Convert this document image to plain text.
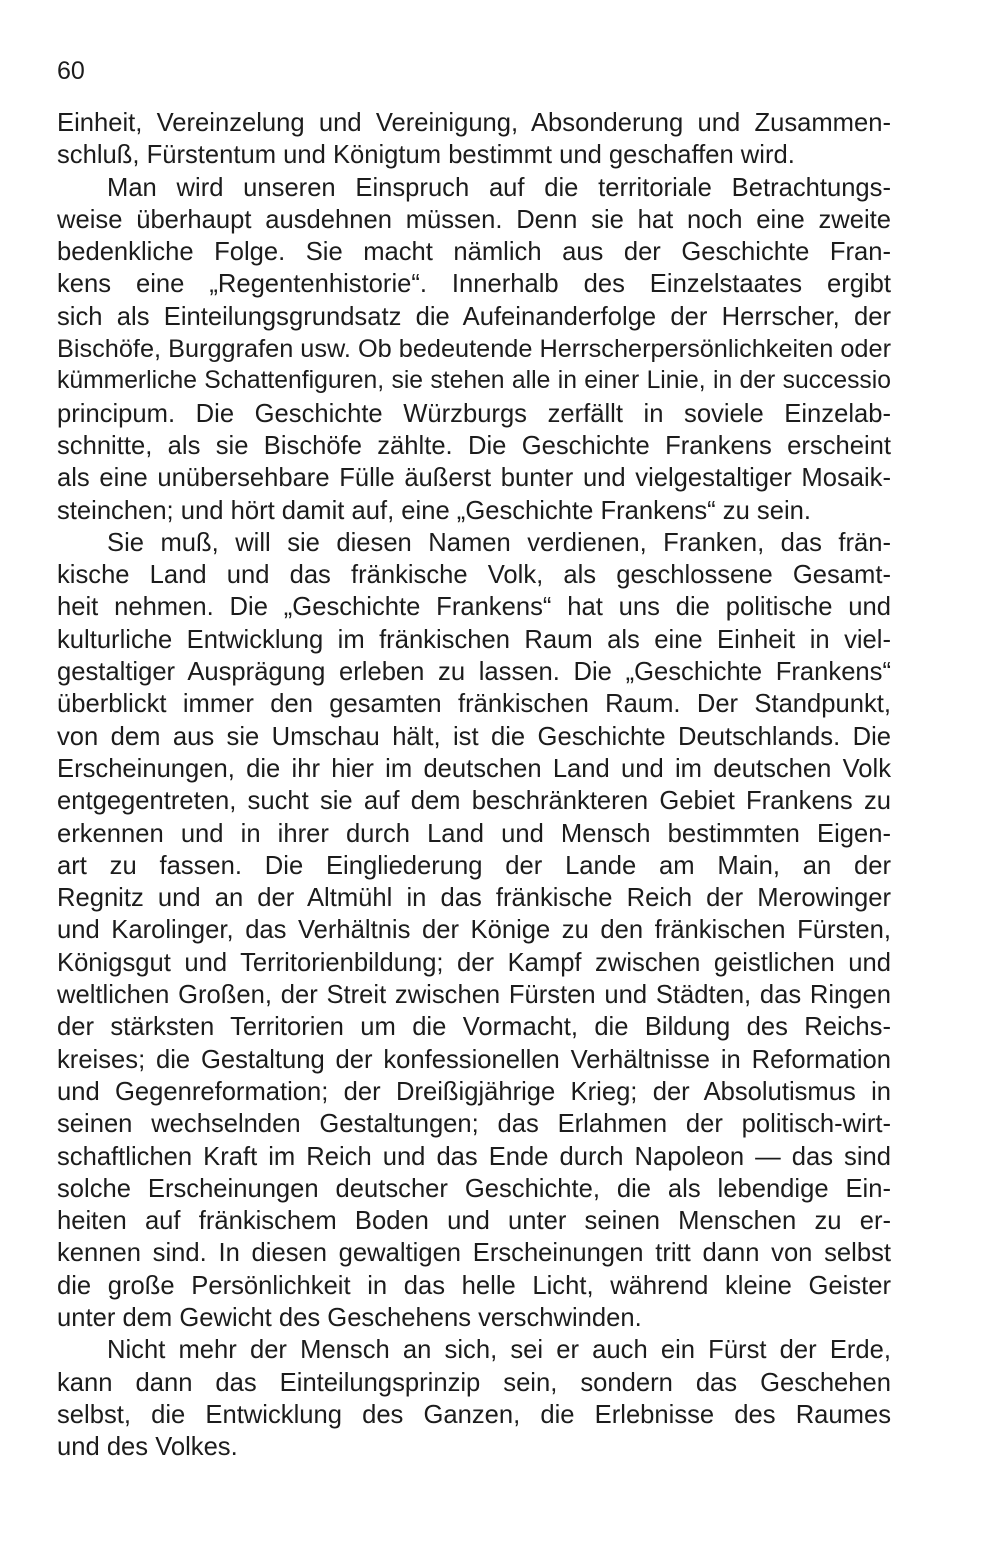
60
Einheit, Vereinzelung und Vereinigung, Absonderung und Zusammen-
schluß, Fürstentum und Königtum bestimmt und geschaffen wird.
Man wird unseren Einspruch auf die territoriale Betrachtungs-
weise überhaupt ausdehnen müssen. Denn sie hat noch eine zweite
bedenkliche Folge. Sie macht nämlich aus der Geschichte Fran-
kens eine „Regentenhistorie“. Innerhalb des Einzelstaates ergibt
sich als Einteilungsgrundsatz die Aufeinanderfolge der Herrscher, der
Bischöfe, Burggrafen usw. Ob bedeutende Herrscherpersönlichkeiten oder
kümmerliche Schattenfiguren, sie stehen alle in einer Linie, in der successio
principum. Die Geschichte Würzburgs zerfällt in soviele Einzelab-
schnitte, als sie Bischöfe zählte. Die Geschichte Frankens erscheint
als eine unübersehbare Fülle äußerst bunter und vielgestaltiger Mosaik-
steinchen; und hört damit auf, eine „Geschichte Frankens“ zu sein.
Sie muß, will sie diesen Namen verdienen, Franken, das frän-
kische Land und das fränkische Volk, als geschlossene Gesamt-
heit nehmen. Die „Geschichte Frankens“ hat uns die politische und
kulturliche Entwicklung im fränkischen Raum als eine Einheit in viel-
gestaltiger Ausprägung erleben zu lassen. Die „Geschichte Frankens“
überblickt immer den gesamten fränkischen Raum. Der Standpunkt,
von dem aus sie Umschau hält, ist die Geschichte Deutschlands. Die
Erscheinungen, die ihr hier im deutschen Land und im deutschen Volk
entgegentreten, sucht sie auf dem beschränkteren Gebiet Frankens zu
erkennen und in ihrer durch Land und Mensch bestimmten Eigen-
art zu fassen. Die Eingliederung der Lande am Main, an der
Regnitz und an der Altmühl in das fränkische Reich der Merowinger
und Karolinger, das Verhältnis der Könige zu den fränkischen Fürsten,
Königsgut und Territorienbildung; der Kampf zwischen geistlichen und
weltlichen Großen, der Streit zwischen Fürsten und Städten, das Ringen
der stärksten Territorien um die Vormacht, die Bildung des Reichs-
kreises; die Gestaltung der konfessionellen Verhältnisse in Reformation
und Gegenreformation; der Dreißigjährige Krieg; der Absolutismus in
seinen wechselnden Gestaltungen; das Erlahmen der politisch-wirt-
schaftlichen Kraft im Reich und das Ende durch Napoleon — das sind
solche Erscheinungen deutscher Geschichte, die als lebendige Ein-
heiten auf fränkischem Boden und unter seinen Menschen zu er-
kennen sind. In diesen gewaltigen Erscheinungen tritt dann von selbst
die große Persönlichkeit in das helle Licht, während kleine Geister
unter dem Gewicht des Geschehens verschwinden.
Nicht mehr der Mensch an sich, sei er auch ein Fürst der Erde,
kann dann das Einteilungsprinzip sein, sondern das Geschehen
selbst, die Entwicklung des Ganzen, die Erlebnisse des Raumes
und des Volkes.
